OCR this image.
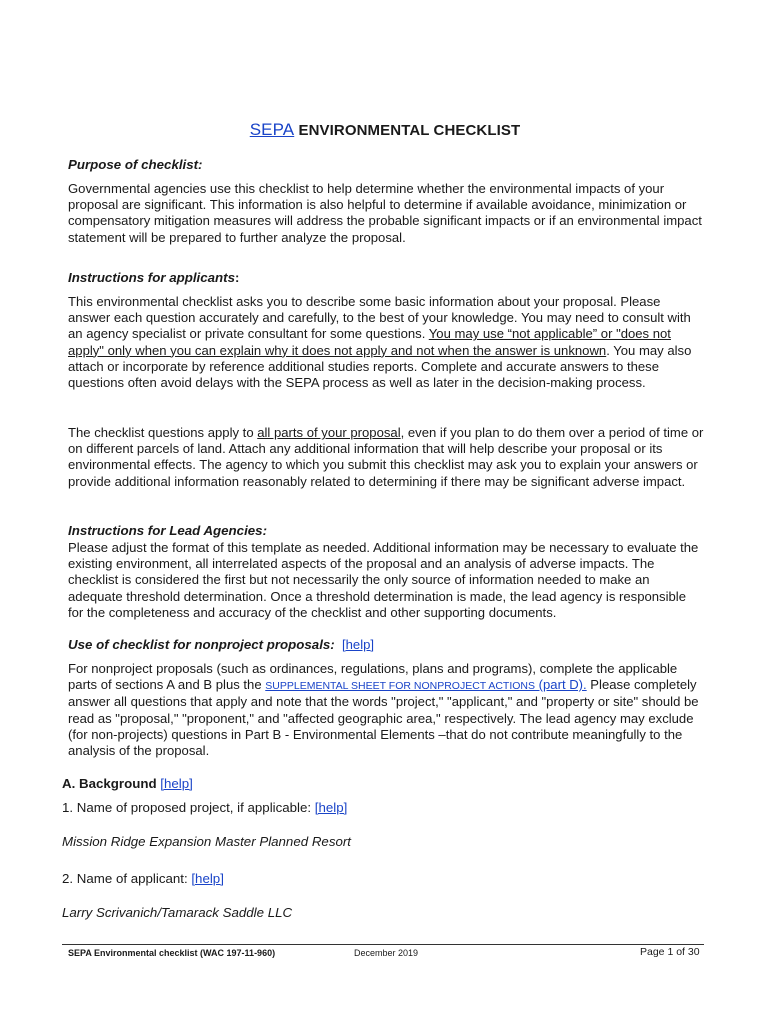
SEPA ENVIRONMENTAL CHECKLIST
Purpose of checklist:
Governmental agencies use this checklist to help determine whether the environmental impacts of your proposal are significant. This information is also helpful to determine if available avoidance, minimization or compensatory mitigation measures will address the probable significant impacts or if an environmental impact statement will be prepared to further analyze the proposal.
Instructions for applicants:
This environmental checklist asks you to describe some basic information about your proposal. Please answer each question accurately and carefully, to the best of your knowledge. You may need to consult with an agency specialist or private consultant for some questions. You may use “not applicable” or "does not apply" only when you can explain why it does not apply and not when the answer is unknown. You may also attach or incorporate by reference additional studies reports. Complete and accurate answers to these questions often avoid delays with the SEPA process as well as later in the decision-making process.
The checklist questions apply to all parts of your proposal, even if you plan to do them over a period of time or on different parcels of land. Attach any additional information that will help describe your proposal or its environmental effects. The agency to which you submit this checklist may ask you to explain your answers or provide additional information reasonably related to determining if there may be significant adverse impact.
Instructions for Lead Agencies:
Please adjust the format of this template as needed. Additional information may be necessary to evaluate the existing environment, all interrelated aspects of the proposal and an analysis of adverse impacts. The checklist is considered the first but not necessarily the only source of information needed to make an adequate threshold determination. Once a threshold determination is made, the lead agency is responsible for the completeness and accuracy of the checklist and other supporting documents.
Use of checklist for nonproject proposals: [help]
For nonproject proposals (such as ordinances, regulations, plans and programs), complete the applicable parts of sections A and B plus the SUPPLEMENTAL SHEET FOR NONPROJECT ACTIONS (part D). Please completely answer all questions that apply and note that the words "project," "applicant," and "property or site" should be read as "proposal," "proponent," and "affected geographic area," respectively. The lead agency may exclude (for non-projects) questions in Part B - Environmental Elements –that do not contribute meaningfully to the analysis of the proposal.
A. Background [help]
1. Name of proposed project, if applicable: [help]
Mission Ridge Expansion Master Planned Resort
2. Name of applicant: [help]
Larry Scrivanich/Tamarack Saddle LLC
SEPA Environmental checklist (WAC 197-11-960)	December 2019	Page 1 of 30
